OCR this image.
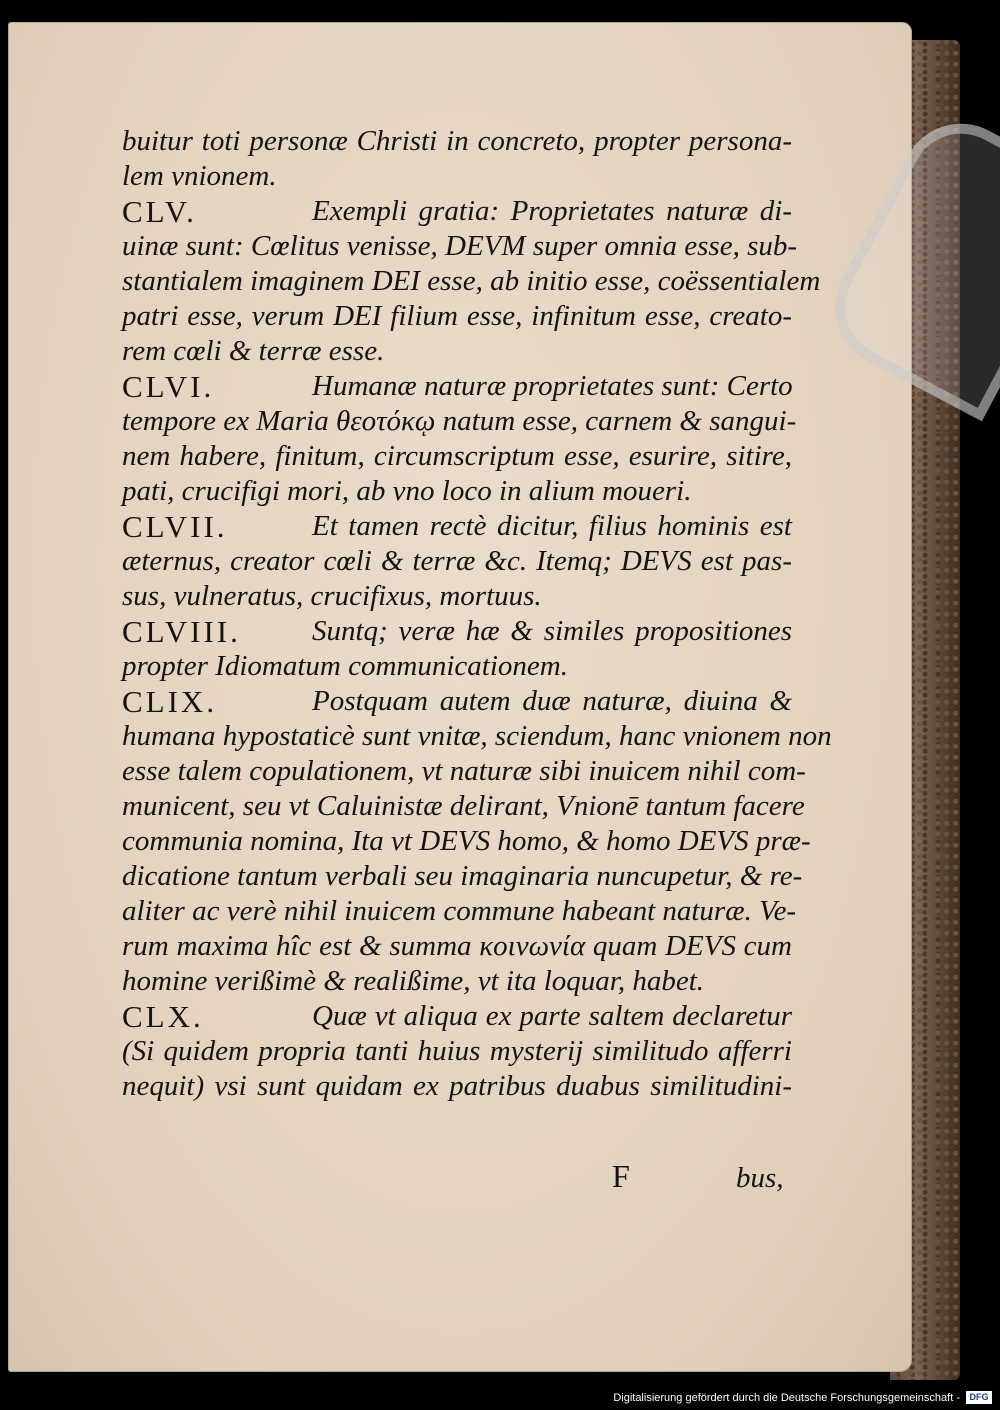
buitur toti personæ Christi in concreto, propter persona-
lem vnionem.
CLV.	Exempli gratia: Proprietates naturæ di-
uinæ sunt: Cœlitus venisse, DEVM super omnia esse, sub-
stantialem imaginem DEI esse, ab initio esse, coëssentialem
patri esse, verum DEI filium esse, infinitum esse, creato-
rem cœli & terræ esse.
CLVI.	Humanæ naturæ proprietates sunt: Certo
tempore ex Maria θεοτόκῳ natum esse, carnem & sangui-
nem habere, finitum, circumscriptum esse, esurire, sitire,
pati, crucifigi mori, ab vno loco in alium moueri.
CLVII.	Et tamen rectè dicitur, filius hominis est
æternus, creator cœli & terræ &c. Itemq; DEVS est pas-
sus, vulneratus, crucifixus, mortuus.
CLVIII.	Suntq; veræ hæ & similes propositiones
propter Idiomatum communicationem.
CLIX.	Postquam autem duæ naturæ, diuina &
humana hypostaticè sunt vnitæ, sciendum, hanc vnionem non
esse talem copulationem, vt naturæ sibi inuicem nihil com-
municent, seu vt Caluinistæ delirant, Vnionē tantum facere
communia nomina, Ita vt DEVS homo, & homo DEVS præ-
dicatione tantum verbali seu imaginaria nuncupetur, & re-
aliter ac verè nihil inuicem commune habeant naturæ. Ve-
rum maxima hîc est & summa κοινωνία quam DEVS cum
homine verißimè & realißime, vt ita loquar, habet.
CLX.	Quæ vt aliqua ex parte saltem declaretur
(Si quidem propria tanti huius mysterij similitudo afferri
nequit) vsi sunt quidam ex patribus duabus similitudini-
F	bus,
Digitalisierung gefördert durch die Deutsche Forschungsgemeinschaft -	DFG
